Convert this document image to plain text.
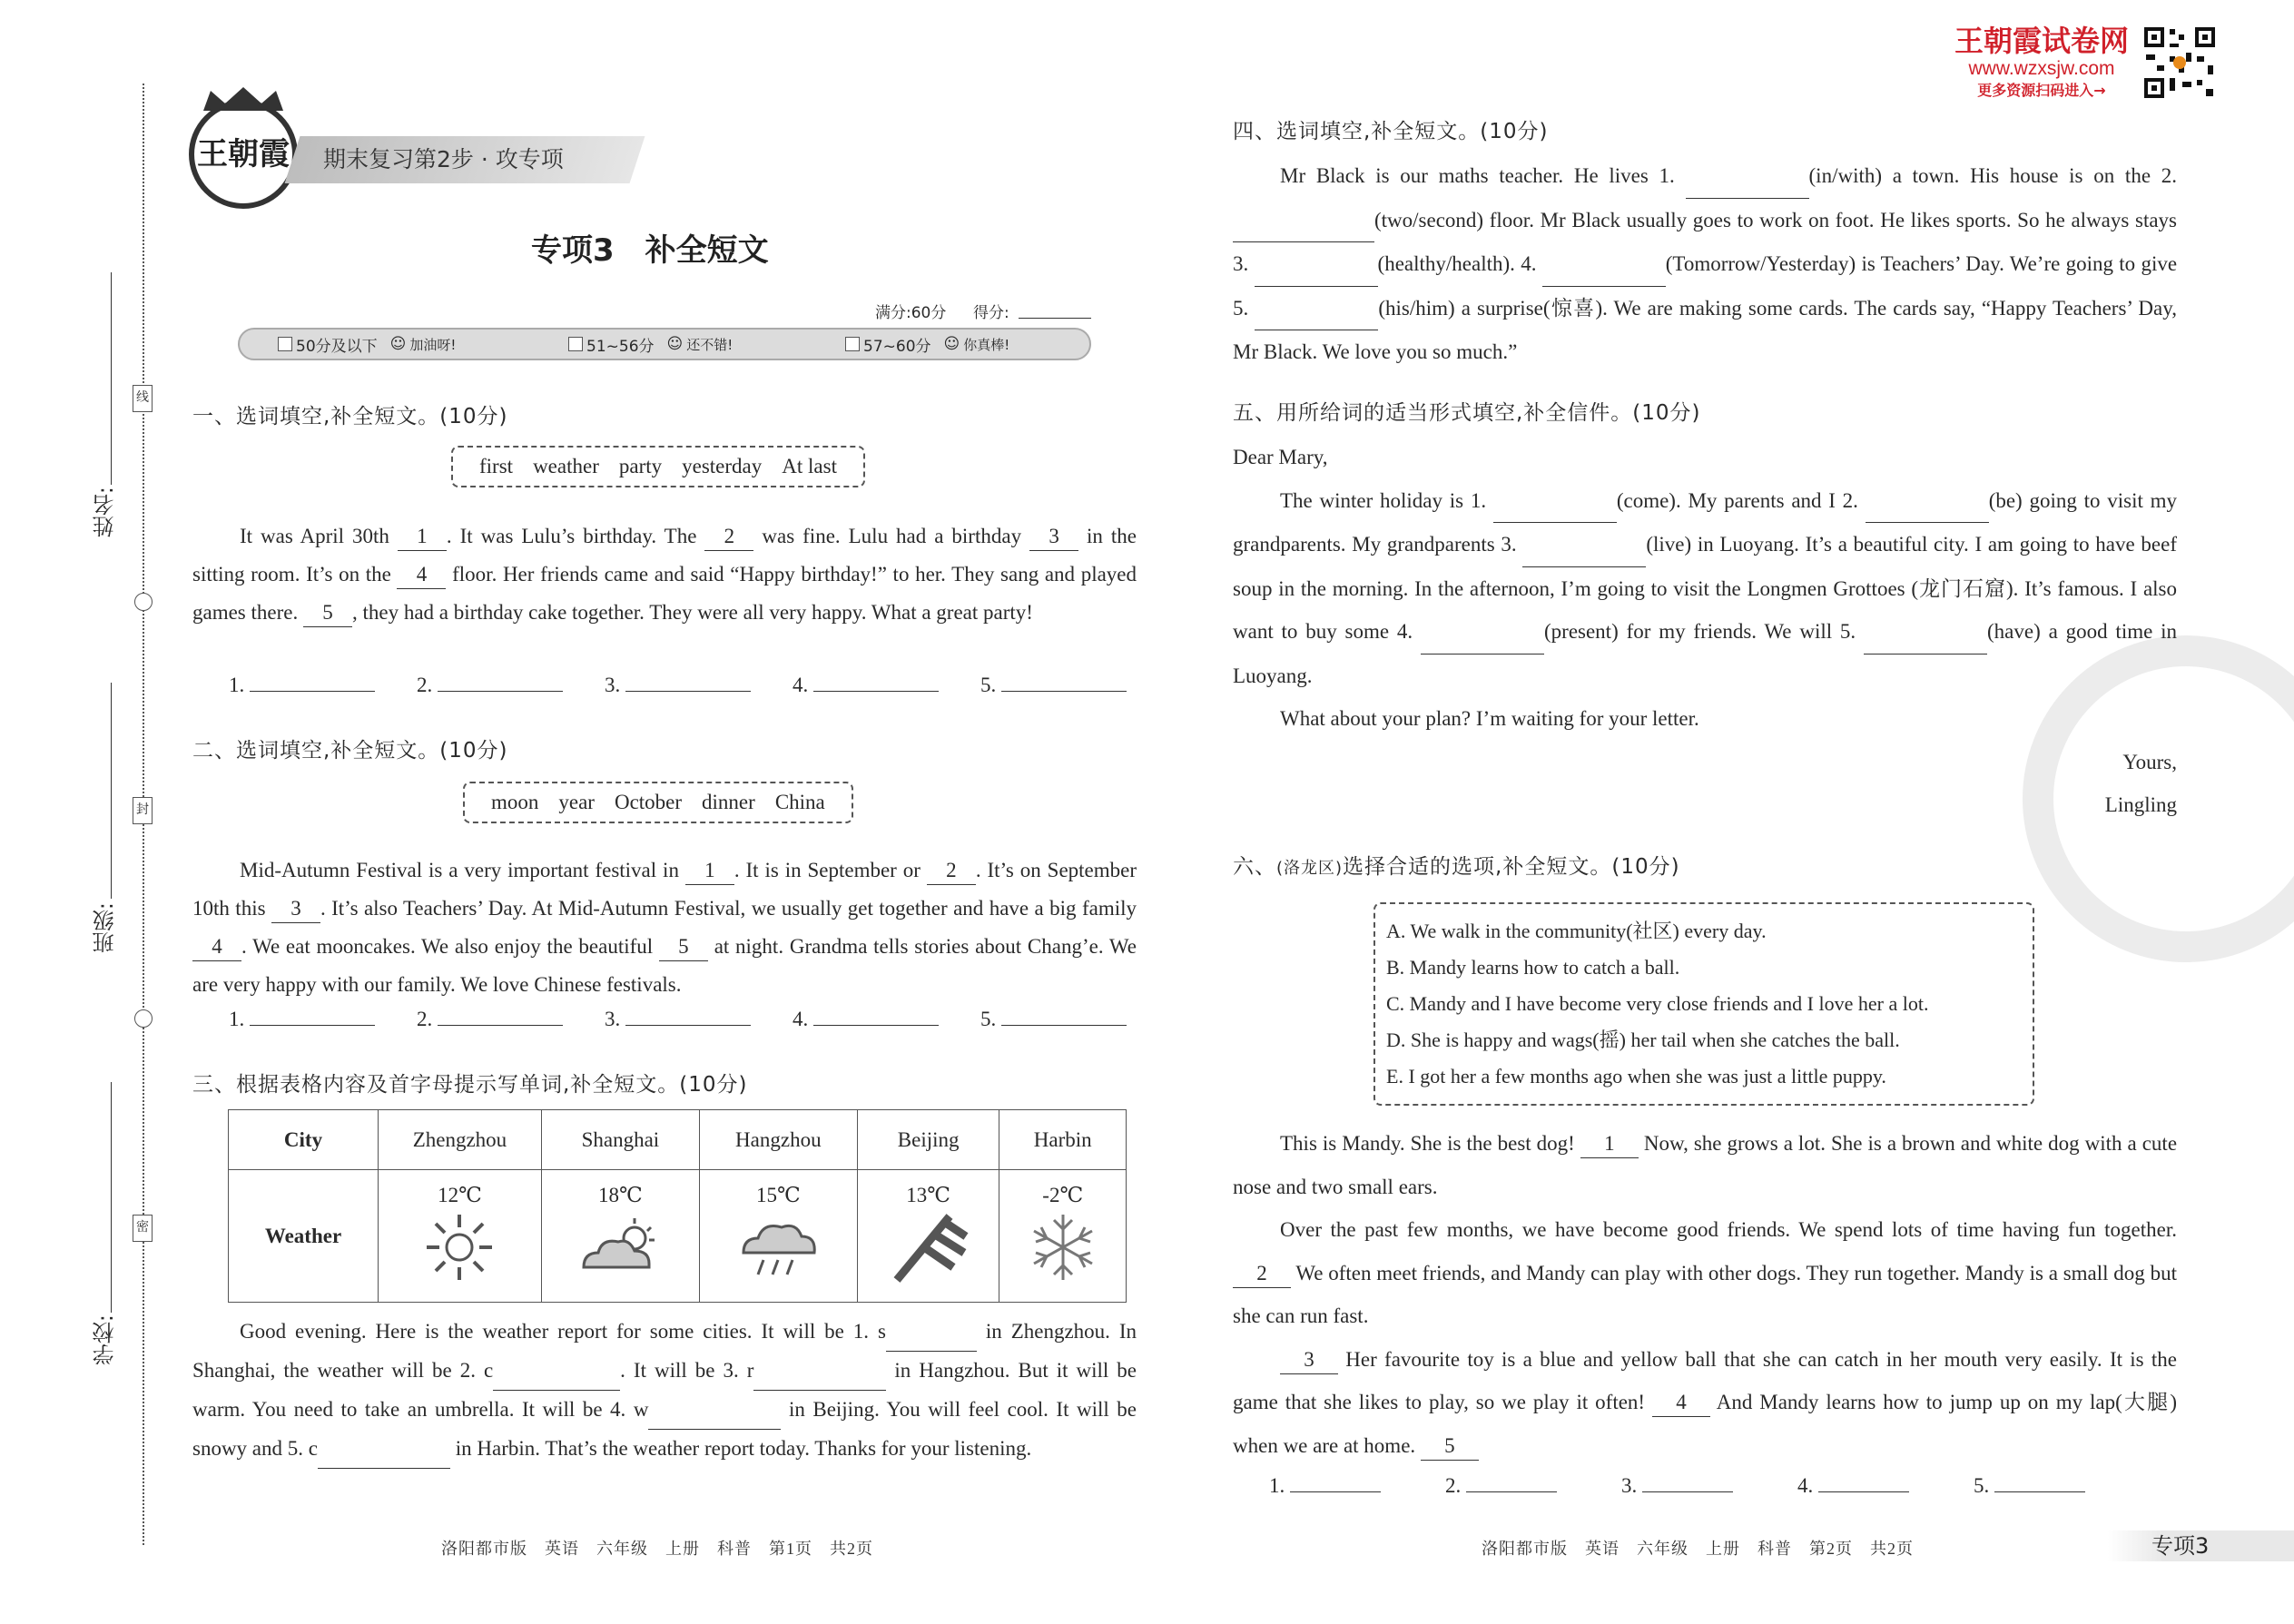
线
封
密
姓名:
班级:
学校:
王朝霞 期末复习第2步 · 攻专项
专项3　补全短文
满分:60分 得分:
50分及以下 ☺ 加油呀!	51~56分 ☺ 还不错!	57~60分 ☺ 你真棒!
一、选词填空,补全短文。(10分)
first weather party yesterday At last

It was April 30th 1 . It was Lulu’s birthday. The 2 was fine. Lulu had a birthday 3 in the sitting room. It’s on the 4 floor. Her friends came and said “Happy birthday!” to her. They sang and played games there. 5 , they had a birthday cake together. They were all very happy. What a great party!

1.	2.	3.	4.	5.
二、选词填空,补全短文。(10分)
moon year October dinner China

Mid-Autumn Festival is a very important festival in 1 . It is in September or 2 . It’s on September 10th this 3 . It’s also Teachers’ Day. At Mid-Autumn Festival, we usually get together and have a big family 4 . We eat mooncakes. We also enjoy the beautiful 5 at night. Grandma tells stories about Chang’e. We are very happy with our family. We love Chinese festivals.

1.	2.	3.	4.	5.
三、根据表格内容及首字母提示写单词,补全短文。(10分)
City	Zhengzhou	Shanghai	Hangzhou	Beijing	Harbin
Weather	12℃	18℃	15℃	13℃	-2℃

Good evening. Here is the weather report for some cities. It will be 1. s	in Zhengzhou. In Shanghai, the weather will be 2. c	. It will be 3. r	in Hangzhou. But it will be warm. You need to take an umbrella. It will be 4. w	in Beijing. You will feel cool. It will be snowy and 5. c	in Harbin. That’s the weather report today. Thanks for your listening.

洛阳都市版　英语　六年级　上册　科普　第1页　共2页
王朝霞试卷网
www.wzxsjw.com
更多资源扫码进入→
四、选词填空,补全短文。(10分)

Mr Black is our maths teacher. He lives 1.	(in/with) a town. His house is on the 2.  (two/second) floor. Mr Black usually goes to work on foot. He likes sports. So he always stays 3.	(healthy/health). 4.	(Tomorrow/Yesterday) is Teachers’ Day. We’re going to give 5.	(his/him) a surprise(惊喜). We are making some cards. The cards say, “Happy Teachers’ Day, Mr Black. We love you so much.”

五、用所给词的适当形式填空,补全信件。(10分)
Dear Mary,

The winter holiday is 1.	(come). My parents and I 2.	(be) going to visit my grandparents. My grandparents 3.	(live) in Luoyang. It’s a beautiful city. I am going to have beef soup in the morning. In the afternoon, I’m going to visit the Longmen Grottoes (龙门石窟). It’s famous. I also want to buy some 4.	(present) for my friends. We will 5.	(have) a good time in Luoyang.

What about your plan? I’m waiting for your letter.

Yours,
Lingling
六、(洛龙区)选择合适的选项,补全短文。(10分)
A. We walk in the community(社区) every day.
B. Mandy learns how to catch a ball.
C. Mandy and I have become very close friends and I love her a lot.
D. She is happy and wags(摇) her tail when she catches the ball.
E. I got her a few months ago when she was just a little puppy.

This is Mandy. She is the best dog! 1 Now, she grows a lot. She is a brown and white dog with a cute nose and two small ears.

Over the past few months, we have become good friends. We spend lots of time having fun together. 2 We often meet friends, and Mandy can play with other dogs. They run together. Mandy is a small dog but she can run fast.

3 Her favourite toy is a blue and yellow ball that she can catch in her mouth very easily. It is the game that she likes to play, so we play it often! 4 And Mandy learns how to jump up on my lap(大腿) when we are at home. 5

1.	2.	3.	4.	5.
洛阳都市版　英语　六年级　上册　科普　第2页　共2页	专项3
